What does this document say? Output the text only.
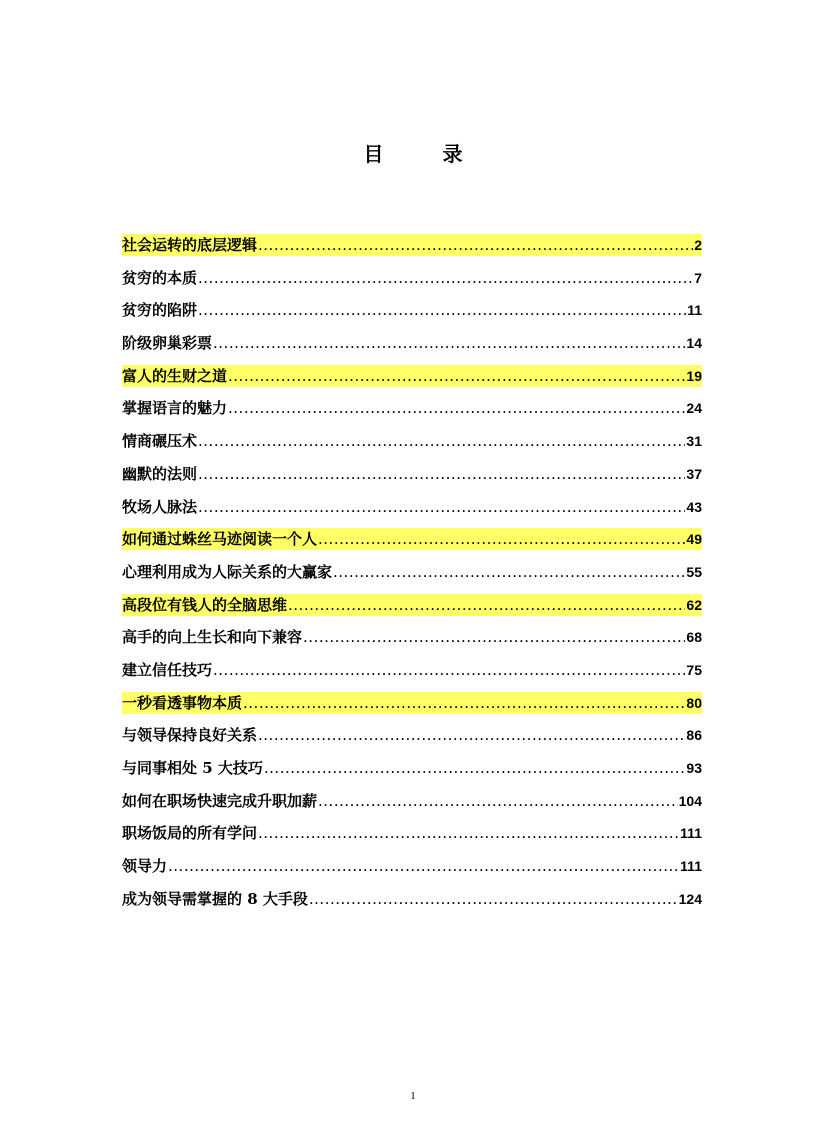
目 录
社会运转的底层逻辑 .....	2
贫穷的本质 .....	7
贫穷的陷阱 .....	11
阶级卵巢彩票 .....	14
富人的生财之道 .....	19
掌握语言的魅力 .....	24
情商碾压术 .....	31
幽默的法则 .....	37
牧场人脉法 .....	43
如何通过蛛丝马迹阅读一个人 .....	49
心理利用成为人际关系的大赢家 .....	55
高段位有钱人的全脑思维 .....	62
高手的向上生长和向下兼容 .....	68
建立信任技巧 .....	75
一秒看透事物本质 .....	80
与领导保持良好关系 .....	86
与同事相处 5 大技巧 .....	93
如何在职场快速完成升职加薪 .....	104
职场饭局的所有学问 .....	111
领导力 .....	111
成为领导需掌握的 8 大手段 .....	124
1
